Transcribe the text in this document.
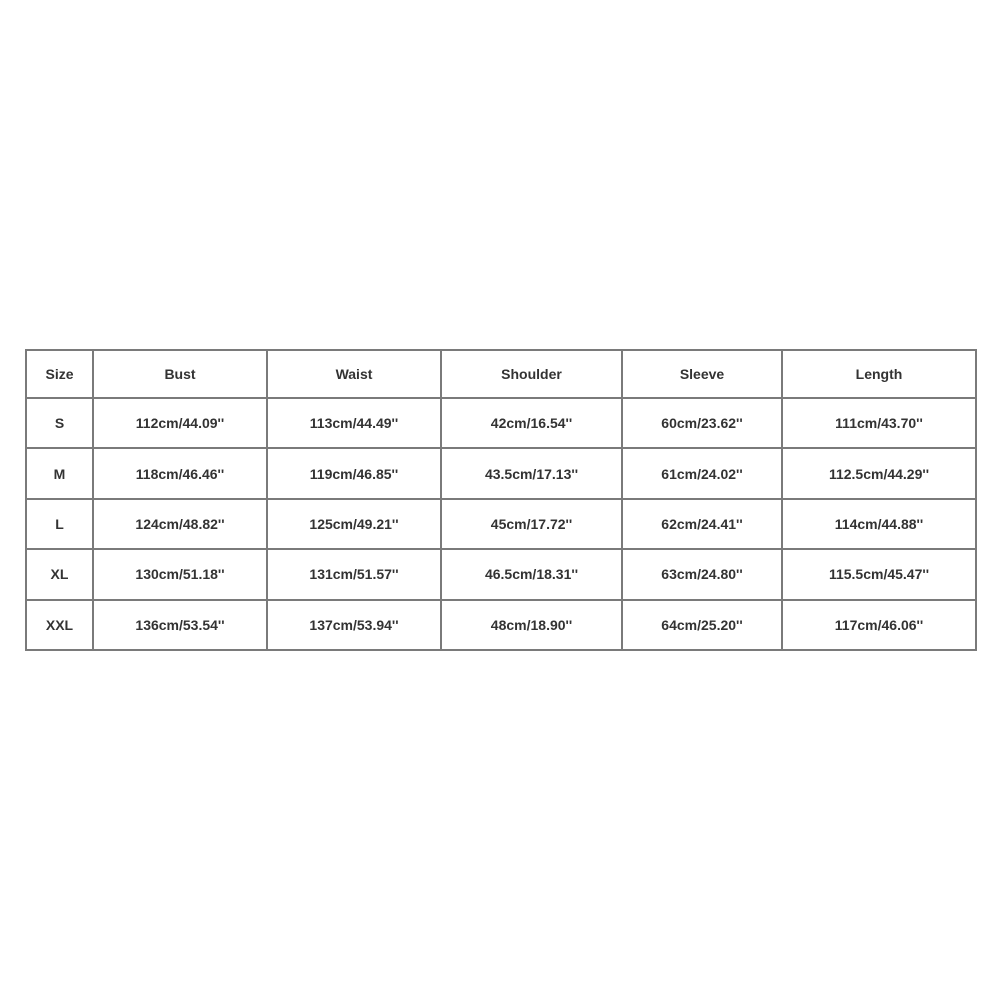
Size	Bust	Waist	Shoulder	Sleeve	Length
S	112cm/44.09''	113cm/44.49''	42cm/16.54''	60cm/23.62''	111cm/43.70''
M	118cm/46.46''	119cm/46.85''	43.5cm/17.13''	61cm/24.02''	112.5cm/44.29''
L	124cm/48.82''	125cm/49.21''	45cm/17.72''	62cm/24.41''	114cm/44.88''
XL	130cm/51.18''	131cm/51.57''	46.5cm/18.31''	63cm/24.80''	115.5cm/45.47''
XXL	136cm/53.54''	137cm/53.94''	48cm/18.90''	64cm/25.20''	117cm/46.06''
